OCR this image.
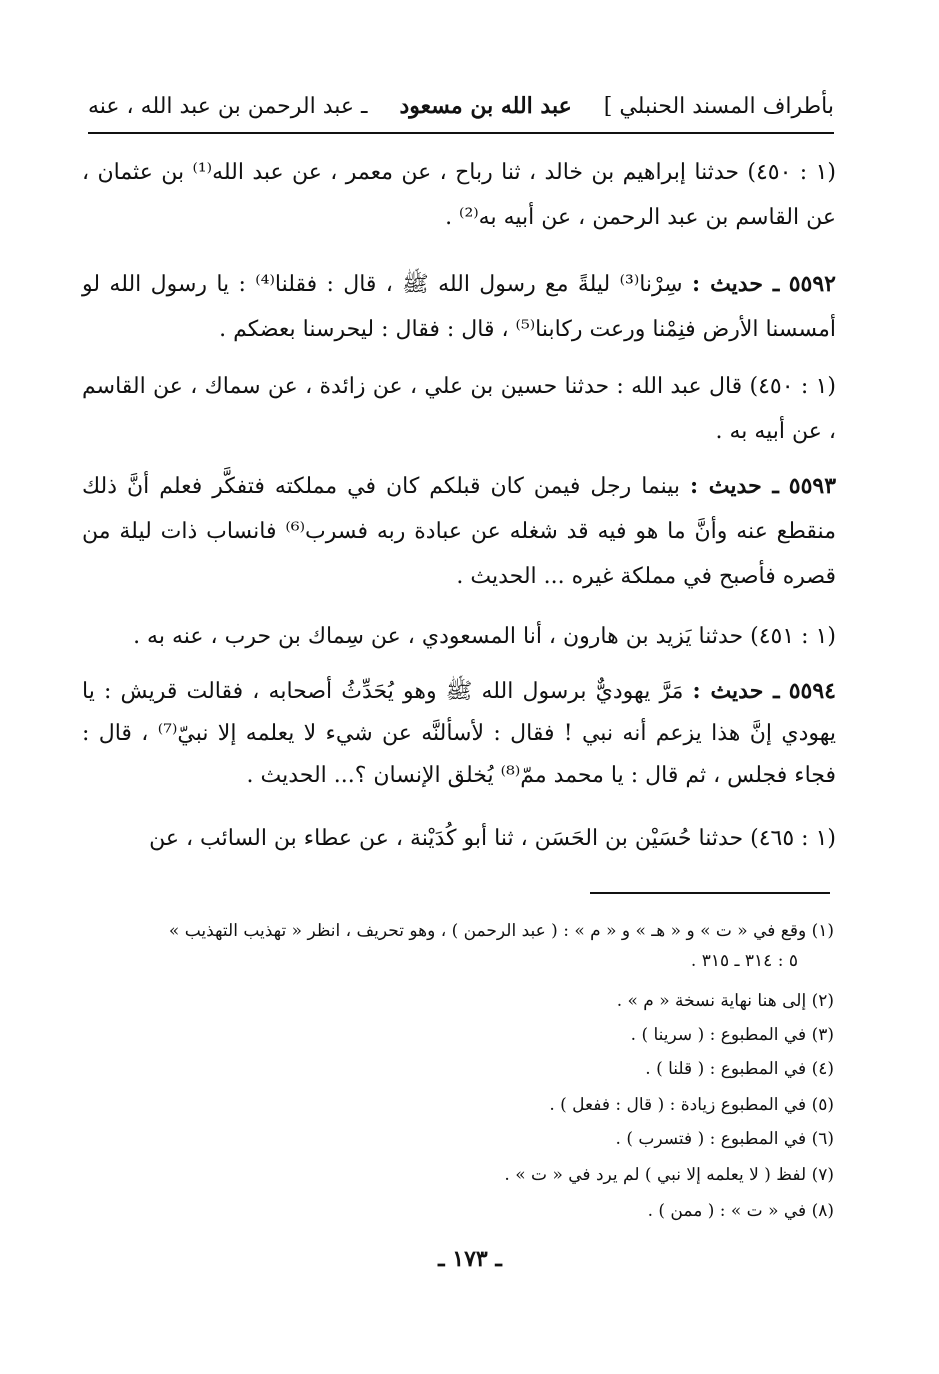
بأطراف المسند الحنبلي ]
عبد الله بن مسعود
ـ عبد الرحمن بن عبد الله ، عنه
(١ : ٤٥٠) حدثنا إبراهيم بن خالد ، ثنا رباح ، عن معمر ، عن عبد الله⁽¹⁾ بن عثمان ، عن القاسم بن عبد الرحمن ، عن أبيه به⁽²⁾ .
٥٥٩٢ ـ حديث : سِرْنا⁽³⁾ ليلةً مع رسول الله ﷺ ، قال : فقلنا⁽⁴⁾ : يا رسول الله لو أمسسنا الأرض فنِمْنا ورعت ركابنا⁽⁵⁾ ، قال : فقال : ليحرسنا بعضكم .
(١ : ٤٥٠) قال عبد الله : حدثنا حسين بن علي ، عن زائدة ، عن سماك ، عن القاسم ، عن أبيه به .
٥٥٩٣ ـ حديث : بينما رجل فيمن كان قبلكم كان في مملكته فتفكَّر فعلم أنَّ ذلك منقطع عنه وأنَّ ما هو فيه قد شغله عن عبادة ربه فسرب⁽⁶⁾ فانساب ذات ليلة من قصره فأصبح في مملكة غيره ... الحديث .
(١ : ٤٥١) حدثنا يَزيد بن هارون ، أنا المسعودي ، عن سِماك بن حرب ، عنه به .
٥٥٩٤ ـ حديث : مَرَّ يهوديٌّ برسول الله ﷺ وهو يُحَدِّثُ أصحابه ، فقالت قريش : يا يهودي إنَّ هذا يزعم أنه نبي ! فقال : لأسألنَّه عن شيء لا يعلمه إلا نبيّ⁽⁷⁾ ، قال : فجاء فجلس ، ثم قال : يا محمد ممّ⁽⁸⁾ يُخلق الإنسان ؟... الحديث .
(١ : ٤٦٥) حدثنا حُسَيْن بن الحَسَن ، ثنا أبو كُدَيْنة ، عن عطاء بن السائب ، عن
(١) وقع في « ت » و « هـ » و « م » : ( عبد الرحمن ) ، وهو تحريف ، انظر « تهذيب التهذيب »
٥ : ٣١٤ ـ ٣١٥ .
(٢) إلى هنا نهاية نسخة « م » .
(٣) في المطبوع : ( سرينا ) .
(٤) في المطبوع : ( قلنا ) .
(٥) في المطبوع زيادة : ( قال : ففعل ) .
(٦) في المطبوع : ( فتسرب ) .
(٧) لفظ ( لا يعلمه إلا نبي ) لم يرد في « ت » .
(٨) في « ت » : ( ممن ) .
ـ ١٧٣ ـ
